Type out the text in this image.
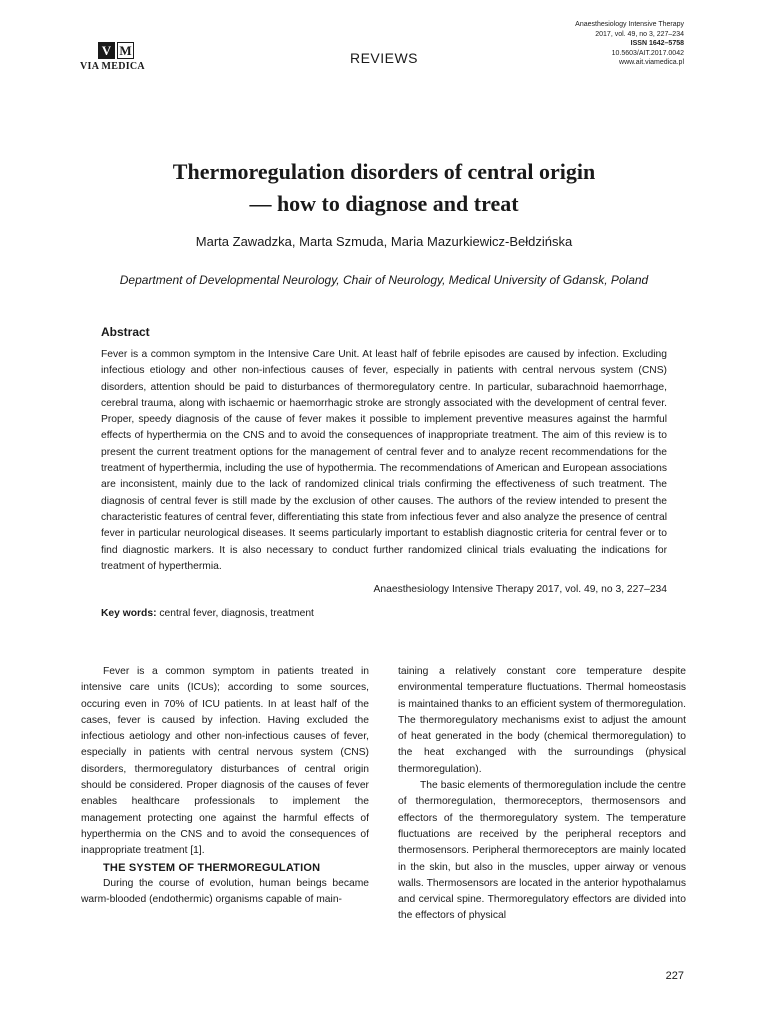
V M
VIA MEDICA
REVIEWS
Anaesthesiology Intensive Therapy
2017, vol. 49, no 3, 227–234
ISSN 1642–5758
10.5603/AIT.2017.0042
www.ait.viamedica.pl
Thermoregulation disorders of central origin
— how to diagnose and treat
Marta Zawadzka, Marta Szmuda, Maria Mazurkiewicz-Bełdzińska
Department of Developmental Neurology, Chair of Neurology, Medical University of Gdansk, Poland
Abstract
Fever is a common symptom in the Intensive Care Unit. At least half of febrile episodes are caused by infection. Excluding infectious etiology and other non-infectious causes of fever, especially in patients with central nervous system (CNS) disorders, attention should be paid to disturbances of thermoregulatory centre. In particular, subarachnoid haemorrhage, cerebral trauma, along with ischaemic or haemorrhagic stroke are strongly associated with the development of central fever. Proper, speedy diagnosis of the cause of fever makes it possible to implement preventive measures against the harmful effects of hyperthermia on the CNS and to avoid the consequences of inappropriate treatment. The aim of this review is to present the current treatment options for the management of central fever and to analyze recent recommendations for the treatment of hyperthermia, including the use of hypothermia. The recommendations of American and European associations are inconsistent, mainly due to the lack of randomized clinical trials confirming the effectiveness of such treatment. The diagnosis of central fever is still made by the exclusion of other causes. The authors of the review intended to present the characteristic features of central fever, differentiating this state from infectious fever and also analyze the presence of central fever in particular neurological diseases. It seems particularly important to establish diagnostic criteria for central fever or to find diagnostic markers. It is also necessary to conduct further randomized clinical trials evaluating the indications for treatment of hyperthermia.
Anaesthesiology Intensive Therapy 2017, vol. 49, no 3, 227–234
Key words: central fever, diagnosis, treatment

Fever is a common symptom in patients treated in intensive care units (ICUs); according to some sources, occuring even in 70% of ICU patients. In at least half of the cases, fever is caused by infection. Having excluded the infectious aetiology and other non-infectious causes of fever, especially in patients with central nervous system (CNS) disorders, thermoregulatory disturbances of central origin should be considered. Proper diagnosis of the causes of fever enables healthcare professionals to implement the management protecting one against the harmful effects of hyperthermia on the CNS and to avoid the consequences of inappropriate treatment [1].

THE SYSTEM OF THERMOREGULATION

During the course of evolution, human beings became warm-blooded (endothermic) organisms capable of main-

taining a relatively constant core temperature despite environmental temperature fluctuations. Thermal homeostasis is maintained thanks to an efficient system of thermoregulation. The thermoregulatory mechanisms exist to adjust the amount of heat generated in the body (chemical thermoregulation) to the heat exchanged with the surroundings (physical thermoregulation).

The basic elements of thermoregulation include the centre of thermoregulation, thermoreceptors, thermosensors and effectors of the thermoregulatory system. The temperature fluctuations are received by the peripheral receptors and thermosensors. Peripheral thermoreceptors are mainly located in the skin, but also in the muscles, upper airway or venous walls. Thermosensors are located in the anterior hypothalamus and cervical spine. Thermoregulatory effectors are divided into the effectors of physical

227
